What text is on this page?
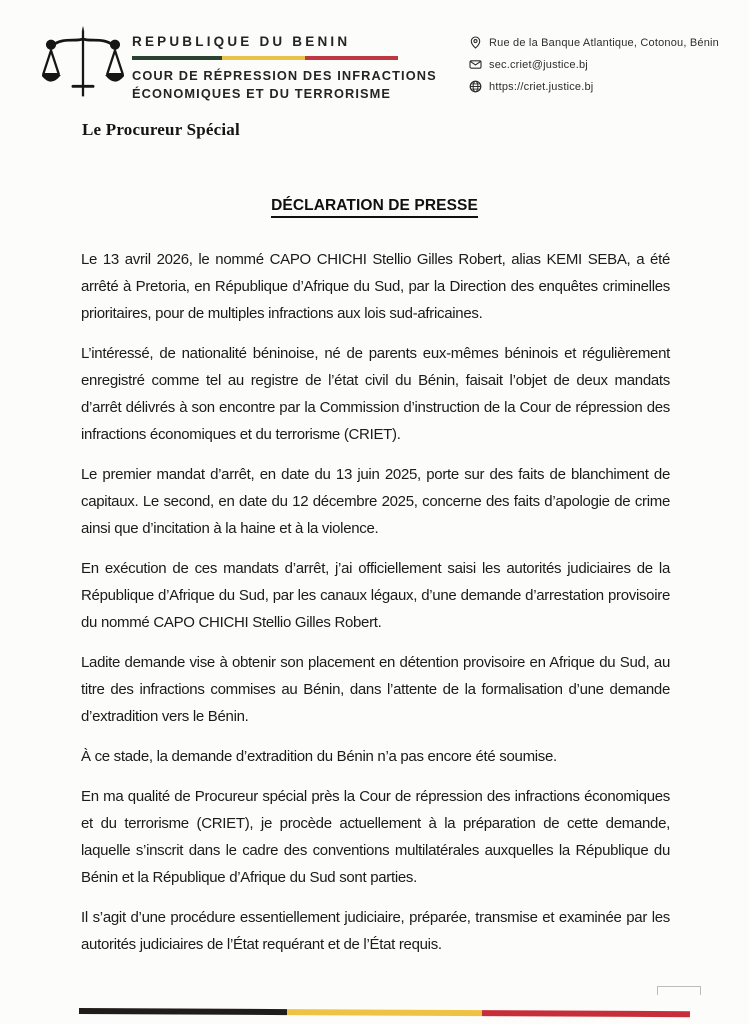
REPUBLIQUE DU BENIN
COUR DE RÉPRESSION DES INFRACTIONS
ÉCONOMIQUES ET DU TERRORISME
Rue de la Banque Atlantique, Cotonou, Bénin
sec.criet@justice.bj
https://criet.justice.bj
Le Procureur Spécial
DÉCLARATION DE PRESSE

Le 13 avril 2026, le nommé CAPO CHICHI Stellio Gilles Robert, alias KEMI SEBA, a été arrêté à Pretoria, en République d’Afrique du Sud, par la Direction des enquêtes criminelles prioritaires, pour de multiples infractions aux lois sud-africaines.

L’intéressé, de nationalité béninoise, né de parents eux-mêmes béninois et régulièrement enregistré comme tel au registre de l’état civil du Bénin, faisait l’objet de deux mandats d’arrêt délivrés à son encontre par la Commission d’instruction de la Cour de répression des infractions économiques et du terrorisme (CRIET).

Le premier mandat d’arrêt, en date du 13 juin 2025, porte sur des faits de blanchiment de capitaux. Le second, en date du 12 décembre 2025, concerne des faits d’apologie de crime ainsi que d’incitation à la haine et à la violence.

En exécution de ces mandats d’arrêt, j’ai officiellement saisi les autorités judiciaires de la République d’Afrique du Sud, par les canaux légaux, d’une demande d’arrestation provisoire du nommé CAPO CHICHI Stellio Gilles Robert.

Ladite demande vise à obtenir son placement en détention provisoire en Afrique du Sud, au titre des infractions commises au Bénin, dans l’attente de la formalisation d’une demande d’extradition vers le Bénin.

À ce stade, la demande d’extradition du Bénin n’a pas encore été soumise.

En ma qualité de Procureur spécial près la Cour de répression des infractions économiques et du terrorisme (CRIET), je procède actuellement à la préparation de cette demande, laquelle s’inscrit dans le cadre des conventions multilatérales auxquelles la République du Bénin et la République d’Afrique du Sud sont parties.

Il s’agit d’une procédure essentiellement judiciaire, préparée, transmise et examinée par les autorités judiciaires de l’État requérant et de l’État requis.
